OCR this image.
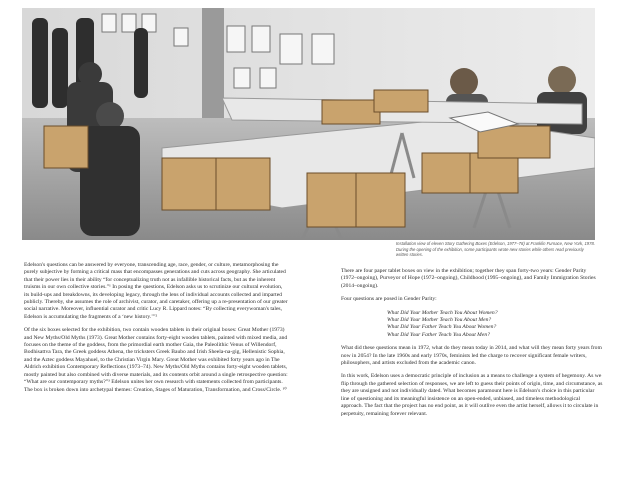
Installation view of eleven Story Gathering Boxes (Edelson, 1977–78) at Franklin Furnace, New York, 1978.
During the opening of the exhibition, some participants wrote new stories while others read previously written stories.

Edelson's questions can be answered by everyone, transcending age, race, gender, or culture, metamorphosing the purely subjective by forming a critical mass that encompasses generations and cuts across geography. She articulated that their power lies in their ability “for conceptualizing truth not as infallible historical facts, but as the inherent truisms in our own collective stories.”¹ In posing the questions, Edelson asks us to scrutinize our cultural evolution, its build-ups and breakdowns, its developing legacy, through the lens of individual accounts collected and imparted publicly. Thereby, she assumes the role of archivist, curator, and caretaker, offering up a re-presentation of our greater social narrative. Moreover, influential curator and critic Lucy R. Lippard notes: “By collecting everywoman's tales, Edelson is accumulating the fragments of a ‘new history.’”²

Of the six boxes selected for the exhibition, two contain wooden tablets in their original boxes: Great Mother (1973) and New Myths/Old Myths (1973). Great Mother contains forty-eight wooden tablets, painted with mixed media, and focuses on the theme of the goddess, from the primordial earth mother Gaia, the Paleolithic Venus of Willendorf, Bodhisattva Tara, the Greek goddess Athena, the tricksters Greek Baubo and Irish Sheela-na-gig, Hellenistic Sophia, and the Aztec goddess Mayahuel, to the Christian Virgin Mary. Great Mother was exhibited forty years ago in The Aldrich exhibition Contemporary Reflections (1973–74). New Myths/Old Myths contains forty-eight wooden tablets, mostly painted but also combined with diverse materials, and its contents orbit around a single retrospective question: “What are our contemporary myths?”³ Edelson unites her own research with statements collected from participants. The box is broken down into archetypal themes: Creation, Stages of Maturation, Transformation, and Cross/Circle. ¹⁰

There are four paper tablet boxes on view in the exhibition; together they span forty-two years: Gender Parity (1972–ongoing), Purveyor of Hope (1972–ongoing), Childhood (1995–ongoing), and Family Immigration Stories (2014–ongoing).

Four questions are posed in Gender Parity:

What Did Your Mother Teach You About Women?
What Did Your Mother Teach You About Men?
What Did Your Father Teach You About Women?
What Did Your Father Teach You About Men?

What did these questions mean in 1972, what do they mean today in 2014, and what will they mean forty years from now in 2054? In the late 1960s and early 1970s, feminists led the charge to recover significant female writers, philosophers, and artists excluded from the academic canon.

In this work, Edelson uses a democratic principle of inclusion as a means to challenge a system of hegemony. As we flip through the gathered selection of responses, we are left to guess their points of origin, time, and circumstance, as they are unsigned and not individually dated. What becomes paramount here is Edelson's choice in this particular line of questioning and its meaningful insistence on an open-ended, unbiased, and timeless methodological approach. The fact that the project has no end point, as it will outlive even the artist herself, allows it to circulate in perpetuity, remaining forever relevant.
